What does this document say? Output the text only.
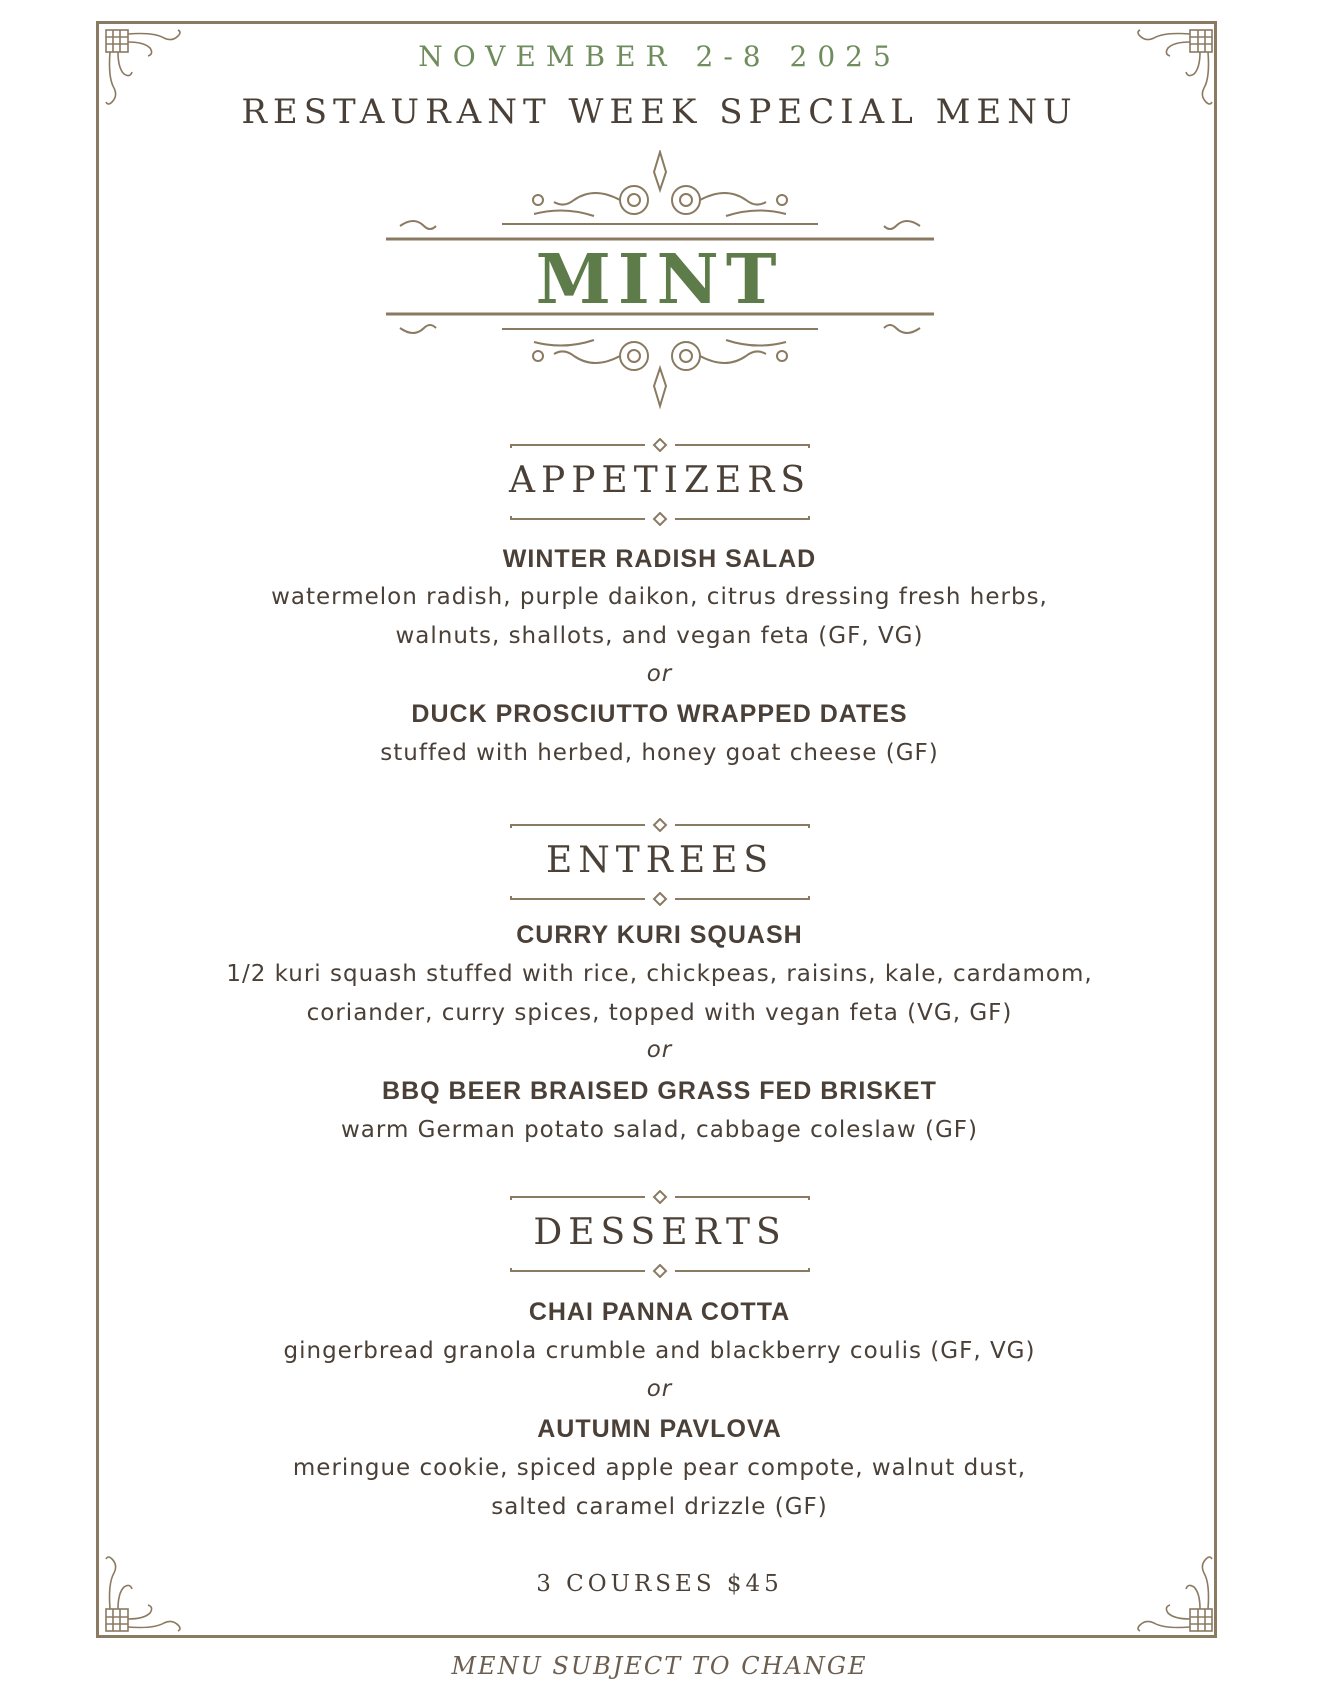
NOVEMBER 2-8 2025
RESTAURANT WEEK SPECIAL MENU
MINT
APPETIZERS
WINTER RADISH SALAD
watermelon radish, purple daikon, citrus dressing fresh herbs,
walnuts, shallots, and vegan feta (GF, VG)
or
DUCK PROSCIUTTO WRAPPED DATES
stuffed with herbed, honey goat cheese (GF)
ENTREES
CURRY KURI SQUASH
1/2 kuri squash stuffed with rice, chickpeas, raisins, kale, cardamom,
coriander, curry spices, topped with vegan feta (VG, GF)
or
BBQ BEER BRAISED GRASS FED BRISKET
warm German potato salad, cabbage coleslaw (GF)
DESSERTS
CHAI PANNA COTTA
gingerbread granola crumble and blackberry coulis (GF, VG)
or
AUTUMN PAVLOVA
meringue cookie, spiced apple pear compote, walnut dust,
salted caramel drizzle (GF)
3 COURSES $45
MENU SUBJECT TO CHANGE
